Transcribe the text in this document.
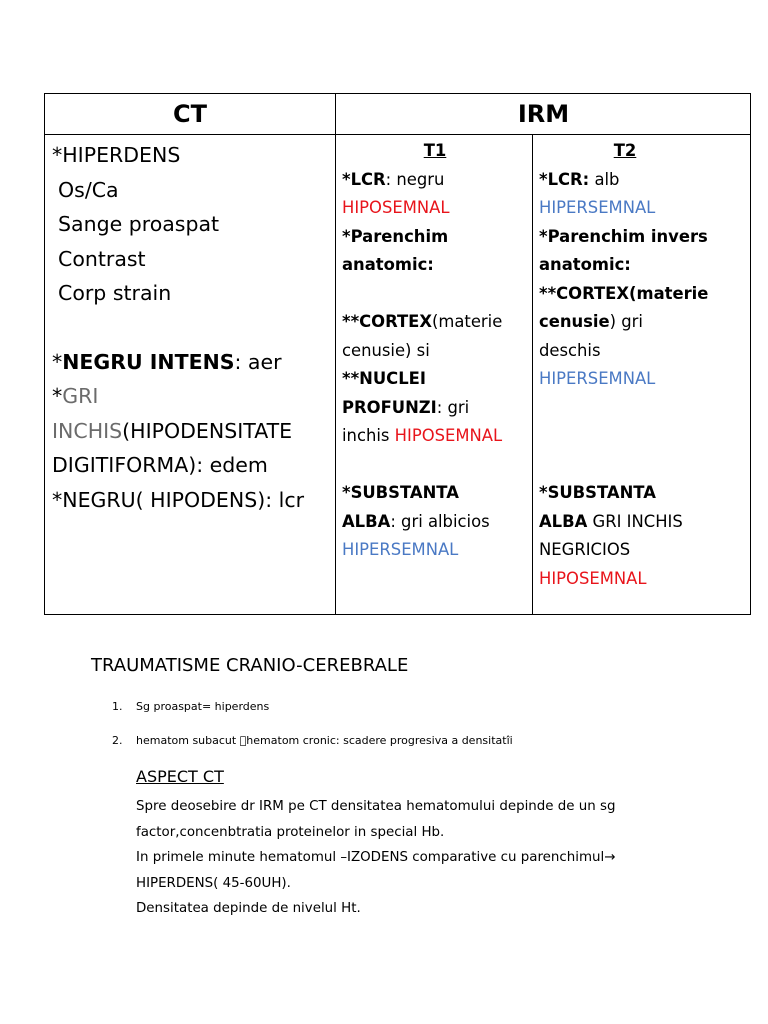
CT	IRM
*HIPERDENS
Os/Ca
Sange proaspat
Contrast
Corp strain
*NEGRU INTENS: aer
*GRI
INCHIS(HIPODENSITATE
DIGITIFORMA): edem
*NEGRU( HIPODENS): lcr
T1
*LCR: negru
HIPOSEMNAL
*Parenchim
anatomic:
**CORTEX(materie
cenusie) si
**NUCLEI
PROFUNZI: gri
inchis HIPOSEMNAL
*SUBSTANTA
ALBA: gri albicios
HIPERSEMNAL
T2
*LCR: alb
HIPERSEMNAL
*Parenchim invers
anatomic:
**CORTEX(materie
cenusie) gri
deschis
HIPERSEMNAL
*SUBSTANTA
ALBA GRI INCHIS
NEGRICIOS
HIPOSEMNAL
TRAUMATISME CRANIO-CEREBRALE
1. Sg proaspat= hiperdens
2. hematom subacut  hematom cronic: scadere progresiva a densitatîi
ASPECT CT
Spre deosebire dr IRM pe CT densitatea hematomului depinde de un sg
factor,concenbtratia proteinelor in special Hb.
In primele minute hematomul –IZODENS comparative cu parenchimul→
HIPERDENS( 45-60UH).
Densitatea depinde de nivelul Ht.
